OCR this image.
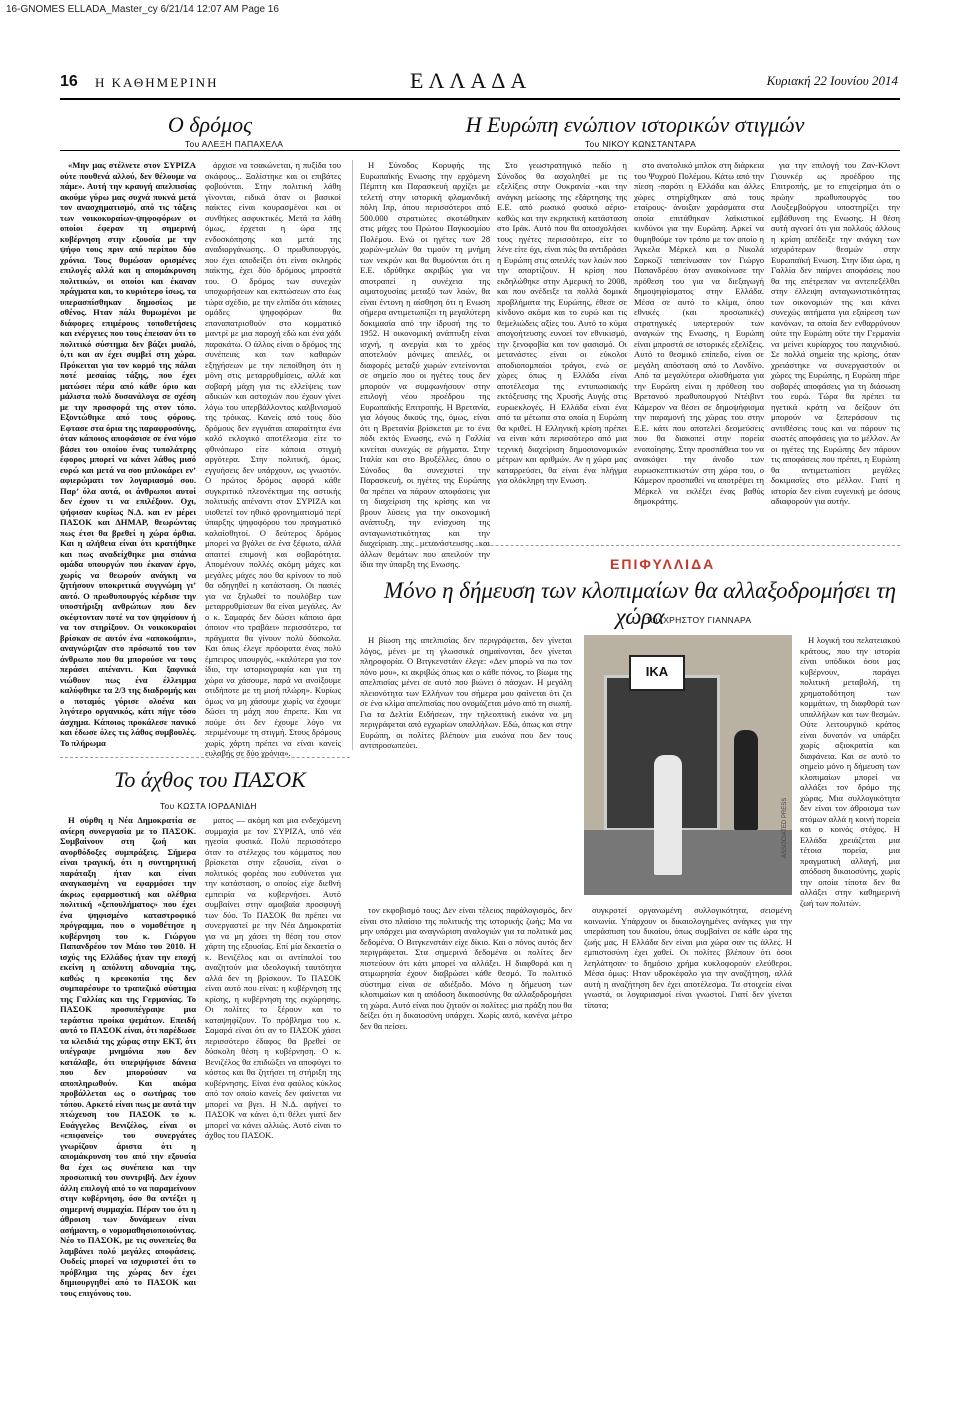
16-GNOMES ELLADA_Master_cy 6/21/14 12:07 AM Page 16
16 Η ΚΑΘΗΜΕΡΙΝΗ	ΕΛΛΑΔΑ	Κυριακή 22 Ιουνίου 2014
Ο δρόμος	Η Ευρώπη ενώπιον ιστορικών στιγμών
Του ΑΛΕΞΗ ΠΑΠΑΧΕΛΑ	Του ΝΙΚΟΥ ΚΩΝΣΤΑΝΤΑΡΑ

«Μην μας στέλνετε στον ΣΥΡΙΖΑ ούτε πουθενά αλλού, δεν θέλουμε να πάμε». Αυτή την κραυγή απελπισίας ακούμε γύρω μας συχνά πυκνά μετά τον ανασχηματισμό, από τις τάξεις των νοικοκυραίων-ψηφοφόρων οι οποίοι έφεραν τη σημερινή κυβέρνηση στην εξουσία με την ψήφο τους πριν από περίπου δύο χρόνια. Τους θυμώσαν ορισμένες επιλογές αλλά και η απομάκρυνση πολιτικών, οι οποίοι και έκαναν πράγματα και, το κυριότερο ίσως, τα υπερασπίσθηκαν δημοσίως με σθένος. Ηταν πάλι θυμωμένοι με διάφορες επιμέρους τοποθετήσεις και ενέργειες που τους έπεισαν ότι το πολιτικό σύστημα δεν βάζει μυαλό, ό,τι και αν έχει συμβεί στη χώρα. Πρόκειται για τον κορμό της πάλαι ποτέ μεσαίας τάξης, που έχει ματώσει πέρα από κάθε όριο και μάλιστα πολύ δυσανάλογα σε σχέση με την προσφορά της στον τόπο. Εξοντώθηκε από τους φόρους. Εφτασε στα όρια της παραφροσύνης, όταν κάποιος αποφάσισε σε ένα νόμο βάσει του οποίου ένας τυπολάτρης έφορος μπορεί να κάνει λάθος μισό ευρώ και μετά να σου μπλοκάρει εν’ αφιερώματι τον λογαριασμό σου. Παρ’ όλα αυτά, οι άνθρωποι αυτοί δεν έχουν τι να επιλέξουν. Οχι, ψήφισαν κυρίως Ν.Δ. και εν μέρει ΠΑΣΟΚ και ΔΗΜΑΡ, θεωρώντας πως έτσι θα βρεθεί η χώρα όρθια. Και η αλήθεια είναι ότι κρατήθηκε και πως αναδείχθηκε μια σπάνια ομάδα υπουργών που έκαναν έργο, χωρίς να θεωρούν ανάγκη να ζητήσουν υποκριτικά συγγνώμη γι’ αυτό. Ο πρωθυπουργός κέρδισε την υποστήριξη ανθρώπων που δεν σκέφτονταν ποτέ να τον ψηφίσουν ή να τον στηρίξουν. Οι νοικοκυραίοι βρίσκαν σε αυτόν ένα «αποκούμπι», αναγνώριζαν στο πρόσωπό του τον άνθρωπο που θα μπορούσε να τους περάσει απέναντι. Και ξαφνικά νιώθουν πως ένα έλλειμμα καλύφθηκε τα 2/3 της διαδρομής και ο ποταμός γύρισε ολοένα και λιγότερο οργανικός, κάτι πήγε τόσο άσχημα. Κάποιος προκάλεσε πανικό και έδωσε όλες τις λάθος συμβουλές. Το πλήρωμα

άρχισε να τσακώνεται, η πυξίδα του σκάφους... Ξαλίστηκε και οι επιβάτες φοβούνται. Στην πολιτική λάθη γίνονται, ειδικά όταν οι βασικοί παίκτες είναι κουρασμένοι και οι συνθήκες ασφυκτικές. Μετά τα λάθη όμως, έρχεται η ώρα της ενδοσκόπησης και μετά της αναδιοργάνωσης. Ο πρωθυπουργός, που έχει αποδείξει ότι είναι σκληρός παίκτης, έχει δύο δρόμους μπροστά του. Ο δρόμος των συνεχών υποχωρήσεων και εκπτώσεων στο έως τώρα σχέδιο, με την ελπίδα ότι κάποιες ομάδες ψηφοφόρων θα επαναπατρισθούν στο κομματικό μαντρί με μια παροχή εδώ και ένα χάδι παρακάτω. Ο άλλος είναι ο δρόμος της συνέπειας και των καθαρών εξηγήσεων με την πεποίθηση ότι η μόνη στις μεταρρυθμίσεις, αλλά και σοβαρή μάχη για τις ελλείψεις των αδικιών και αστοχιών που έχουν γίνει λόγω του υπερβάλλοντος καλβινισμού της τρόικας. Κανείς από τους δύο δρόμους δεν εγγυάται απαραίτητα ένα καλό εκλογικό αποτέλεσμα είτε το φθινόπωρο είτε κάποια στιγμή αργότερα. Στην πολιτική, όμως, εγγυήσεις δεν υπάρχουν, ως γνωστόν. Ο πρώτος δρόμος αφορά κάθε συγκριτικό πλεονέκτημα της αστικής πολιτικής απέναντι στον ΣΥΡΙΖΑ και υιοθετεί τον ηθικό φρονηματισμό περί ύπαρξης ψηφοφόρου του πραγματικό καλαίσθητοί. Ο δεύτερος δρόμος μπορεί να βγάλει σε ένα ξέφωτο, αλλά απαιτεί επιμονή και σοβαρότητα. Απομένουν πολλές ακόμη μάχες και μεγάλες μάχες που θα κρίνουν το πού θα οδηγηθεί η κατάσταση. Οι πασιές για να ξηλωθεί το πουλόβερ των μεταρρυθμίσεων θα είναι μεγάλες. Αν ο κ. Σαμαράς δεν δώσει κάποιο άρα όποιον «το τραβάει» περισσότερο, τα πράγματα θα γίνουν πολύ δύσκολα. Και όπως έλεγε πρόσφατα ένας πολύ έμπειρος υπουργός, «καλύτερα για τον ίδιο, την ιστοριογραφία και για τη χώρα να χάσουμε, παρά να ανοίξουμε οτιδήποτε με τη μισή πλώρη». Κυρίως όμως να μη χάσουμε χωρίς να έχουμε δώσει τη μάχη που έπρεπε. Και να πούμε ότι δεν έχουμε λόγο να περιμένουμε τη στιγμή. Στους δρόμους χωρίς χάρτη πρέπει να είναι κανείς ευλαβής σε δύο χρόνια».

Η Σύνοδος Κορυφής της Ευρωπαϊκής Ενωσης την ερχόμενη Πέμπτη και Παρασκευή αρχίζει με τελετή στην ιστορική φλαμανδική πόλη Ιπρ, όπου περισσότεροι από 500.000 στρατιώτες σκοτώθηκαν στις μάχες του Πρώτου Παγκοσμίου Πολέμου. Ενώ οι ηγέτες των 28 χωρών-μελών θα τιμούν τη μνήμη των νεκρών και θα θυμούνται ότι η Ε.Ε. ιδρύθηκε ακριβώς για να αποτραπεί η συνέχεια της αιματοχυσίας μεταξύ των λαών, θα είναι έντονη η αίσθηση ότι η Ενωση σήμερα αντιμετωπίζει τη μεγαλύτερη δοκιμασία από την ίδρυσή της το 1952. Η οικονομική ανάπτυξη είναι ισχνή, η ανεργία και το χρέος αποτελούν μόνιμες απειλές, οι διαφορές μεταξύ χωρών εντείνονται σε σημείο που οι ηγέτες τους δεν μπορούν να συμφωνήσουν στην επιλογή νέου προέδρου της Ευρωπαϊκής Επιτροπής. Η Βρετανία, για λόγους δικούς της, όμως, είναι ότι η Βρετανία βρίσκεται με το ένα πόδι εκτός Ενωσης, ενώ η Γαλλία κινείται συνεχώς σε ρήγματα. Στην Ιταλία και στο Βρυξέλλες, όπου ο Σύνοδος θα συνεχιστεί την Παρασκευή, οι ηγέτες της Ευρώπης θα πρέπει να πάρουν αποφάσεις για τη διαχείριση της κρίσης και να βρουν λύσεις για την οικονομική ανάπτυξη, την ενίσχυση της ανταγωνιστικότητας και την διαχείριση της μετανάστευσης και άλλων θεμάτων που απειλούν την ίδια την ύπαρξη της Ενωσης.

Στο γεωστρατηγικό πεδίο η Σύνοδος θα ασχοληθεί με τις εξελίξεις στην Ουκρανία -και την ανάγκη μείωσης της εξάρτησης της Ε.Ε. από ρωσικό φυσικό αέριο- καθώς και την εκρηκτική κατάσταση στο Ιράκ. Αυτό που θα αποσχολήσει τους ηγέτες περισσότερο, είτε το λένε είτε όχι, είναι πώς θα αντιδράσει η Ευρώπη στις απειλές των λαών που την απαρτίζουν. Η κρίση που εκδηλώθηκε στην Αμερική το 2008, και που ανέδειξε τα πολλά δομικά προβλήματα της Ευρώπης, έθεσε σε κίνδυνο ακόμα και το ευρώ και τις θεμελιώδεις αξίες του. Αυτό το κύμα απογοήτευσης ευνοεί τον εθνικισμό, την ξενοφοβία και τον φασισμό. Οι μετανάστες είναι οι εύκολοι αποδιοπομπαίοι τράγοι, ενώ σε χώρες όπως η Ελλάδα είναι αποτέλεσμα της εντυπωσιακής εκτόξευσης της Χρυσής Αυγής στις ευρωεκλογές. Η Ελλάδα είναι ένα από τα μέτωπα στα οποία η Ευρώπη θα κριθεί. Η Ελληνική κρίση πρέπει να είναι κάτι περισσότερο από μια τεχνική διαχείριση δημοσιονομικών μέτρων και αριθμών. Αν η χώρα μας καταρρεύσει, θα είναι ένα πλήγμα για ολόκληρη την Ενωση.

στο ανατολικό μπλοκ στη διάρκεια του Ψυχρού Πολέμου. Κάτω από την πίεση -παρότι η Ελλάδα και άλλες χώρες στηρίχθηκαν από τους εταίρους- άνοιξαν χαράσματα στα οποία επιτάθηκαν λαϊκιστικοί κινδύνοι για την Ευρώπη. Αρκεί να θυμηθούμε τον τρόπο με τον οποίο η Άγκελα Μέρκελ και ο Νικολά Σαρκοζί ταπείνωσαν τον Γιώργο Παπανδρέου όταν ανακοίνωσε την πρόθεση του για να διεξαγωγή δημοψηφίσματος στην Ελλάδα. Μέσα σε αυτό το κλίμα, όπου εθνικές (και προσωπικές) στρατηγικές υπερτερούν των αναγκών της Ενωσης, η Ευρώπη είναι μπροστά σε ιστορικές εξελίξεις. Αυτό το θεσμικό επίπεδο, είναι σε μεγάλη απόσταση από το Λονδίνο. Από τα μεγαλύτερα ολισθήματα για την Ευρώπη είναι η πρόθεση του Βρετανού πρωθυπουργού Ντέιβιντ Κάμερον να θέσει σε δημοψήφισμα την παραμονή της χώρας του στην Ε.Ε. κάτι που αποτελεί δεσμεύσεις που θα διακοπεί στην πορεία ενοποίησης. Στην προσπάθεια του να ανακόψει την άνοδο των ευρωσκεπτικιστών στη χώρα του, ο Κάμερον προσπαθεί να αποτρέψει τη Μέρκελ να εκλέξει ένας βαθύς δημοκράτης.

για την επιλογή του Ζαν-Κλοντ Γιουνκέρ ως προέδρου της Επιτροπής, με το επιχείρημα ότι ο πρώην πρωθυπουργός του Λουξεμβούργου υποστηρίζει την εμβάθυνση της Ενωσης. Η θέση αυτή αγνοεί ότι για πολλούς άλλους η κρίση απέδειξε την ανάγκη των ισχυρότερων θεσμών στην Ευρωπαϊκή Ενωση. Στην ίδια ώρα, η Γαλλία δεν παίρνει αποφάσεις που θα της επέτρεπαν να αντεπεξέλθει στην έλλειψη ανταγωνιστικότητας των οικονομιών της και κάνει συνεχώς αιτήματα για εξαίρεση των κανόνων, τα οποία δεν ενθαρρύνουν ούτε την Ευρώπη ούτε την Γερμανία να μείνει κυρίαρχος του παιχνιδιού. Σε πολλά σημεία της κρίσης, όταν χρειάστηκε να συνεργαστούν οι χώρες της Ευρώπης, η Ευρώπη πήρε σοβαρές αποφάσεις για τη διάσωση του ευρώ. Τώρα θα πρέπει τα ηγετικά κράτη να δείξουν ότι μπορούν να ξεπεράσουν τις αντιθέσεις τους και να πάρουν τις σωστές αποφάσεις για το μέλλον. Αν οι ηγέτες της Ευρώπης δεν πάρουν τις αποφάσεις που πρέπει, η Ευρώπη θα αντιμετωπίσει μεγάλες δοκιμασίες στο μέλλον. Γιατί η ιστορία δεν είναι ευγενική με όσους αδιαφορούν για αυτήν.

ΕΠΙΦΥΛΛΙΔΑ
Μόνο η δήμευση των κλοπιμαίων θα αλλαξοδρομήσει τη χώρα
Του ΧΡΗΣΤΟΥ ΓΙΑΝΝΑΡΑ
Το άχθος του ΠΑΣΟΚ
Του ΚΩΣΤΑ ΙΟΡΔΑΝΙΔΗ

Η σύρθη η Νέα Δημοκρατία σε ανίερη συνεργασία με το ΠΑΣΟΚ. Συμβαίνουν στη ζωή και ανορθόδοξες συμπράξεις. Σήμερα είναι τραγική, ότι η συντηρητική παράταξη ήταν και είναι αναγκασμένη να εφαρμόσει την άκρως εφαρμοστική και ολέθρια πολιτική «ξεπουλήματος» που έχει ένα ψηφισμένο καταστροφικό πρόγραμμα, που ο νομοθέτησε η κυβέρνηση του κ. Γιώργου Παπανδρέου τον Μάιο του 2010. Η ισχύς της Ελλάδος ήταν την εποχή εκείνη η απόλυτη αδυναμία της, καθώς η κρεοκοπία της δεν συμπαρέσυρε το τραπεζικό σύστημα της Γαλλίας και της Γερμανίας. Το ΠΑΣΟΚ προσυπέγραψε μια τεράστια προίκα ψεμάτων. Επειδή αυτό το ΠΑΣΟΚ είναι, ότι παρέδωσε τα κλειδιά της χώρας στην ΕΚΤ, ότι υπέγραψε μνημόνια που δεν κατάλαβε, ότι υπερψήφισε δάνεια που δεν μπορούσαν να αποπληρωθούν. Και ακόμα προβάλλεται ως ο σωτήρας του τόπου. Αρκετό είναι πως με αυτά την πτώχευση του ΠΑΣΟΚ το κ. Ευάγγελος Βενιζέλος, είναι οι «επιφανείς» του συνεργάτες γνωρίζουν άριστα ότι η απομάκρυνση του από την εξουσία θα έχει ως συνέπεια και την προσωπική του συντριβή. Δεν έχουν άλλη επιλογή από το να παραμείνουν στην κυβέρνηση, όσο θα αντέξει η σημερινή συμμαχία. Πέραν του ότι η άθροιση των δυνάμεων είναι ασήμαντη, ο νομομαθησιοποιούντας. Νέο το ΠΑΣΟΚ, με τις συνεπείες θα λαμβάνει πολύ μεγάλες αποφάσεις. Ουδείς μπορεί να ισχυριστεί ότι το πρόβλημα της χώρας δεν έχει δημιουργηθεί από το ΠΑΣΟΚ και τους επιγόνους του.

ματος — ακόμη και μια ενδεχόμενη συμμαχία με τον ΣΥΡΙΖΑ, υπό νέα ηγεσία φυσικά. Πολύ περισσότερο όταν το στέλεχος του κόμματος που βρίσκεται στην εξουσία, είναι ο πολιτικός φορέας που ευθύνεται για την κατάσταση, ο οποίος είχε διεθνή εμπειρία να κυβερνήσει. Αυτό συμβαίνει στην αμοιβαία προσφυγή των δύο. Το ΠΑΣΟΚ θα πρέπει να συνεργαστεί με την Νέα Δημοκρατία για να μη χάσει τη θέση του στον χάρτη της εξουσίας. Επί μία δεκαετία ο κ. Βενιζέλος και οι αντίπαλοί του αναζητούν μια ιδεολογική ταυτότητα αλλά δεν τη βρίσκουν. Το ΠΑΣΟΚ είναι αυτό που είναι: η κυβέρνηση της κρίσης, η κυβέρνηση της εκχώρησης. Οι πολίτες το ξέρουν και το καταψηφίζουν. Το πρόβλημα του κ. Σαμαρά είναι ότι αν το ΠΑΣΟΚ χάσει περισσότερο έδαφος θα βρεθεί σε δύσκολη θέση η κυβέρνηση. Ο κ. Βενιζέλος θα επιδιώξει να αποφύγει το κόστος και θα ζητήσει τη στήριξη της κυβέρνησης. Είναι ένα φαύλος κύκλος από τον οποίο κανείς δεν φαίνεται να μπορεί να βγει. Η Ν.Δ. αφήνει το ΠΑΣΟΚ να κάνει ό,τι θέλει γιατί δεν μπορεί να κάνει αλλιώς. Αυτό είναι το άχθος του ΠΑΣΟΚ.

Η βίωση της απελπισίας δεν περιγράφεται, δεν γίνεται λόγος, μένει με τη γλωσσικά σημαίνονται, δεν γίνεται πληροφορία. Ο Βιτγκενστάιν έλεγε: «Δεν μπορώ να πω τον πόνο μου», κι ακριβώς όπως και ο κάθε πόνος, το βίωμα της απελπισίας μένει σε αυτό που βιώνει ό πάσχων. Η μεγάλη πλειονότητα των Ελλήνων του σήμερα μου φαίνεται ότι ζει σε ένα κλίμα απελπισίας που ονομάζεται μόνο από τη σιωπή. Για τα Δελτία Ειδήσεων, την τηλεοπτική εικόνα να μη περιγράφεται από εγχωρίων υπαλλήλων. Εδώ, όπως και στην Ευρώπη, οι πολίτες βλέπουν μια εικόνα που δεν τους αντιπροσωπεύει.

ΙΚΑ
ASSOCIATED PRESS

τον εκφοβισμό τους; Δεν είναι τέλειος παράλογισμός, δεν είναι στο πλαίσιο της πολιτικής της ιστορικής ζωής; Μα να μην υπάρχει μια αναγνώριση αναλογιών για τα πολιτικά μας δεδομένα. Ο Βιτγκενστάιν είχε δίκιο. Και ο πόνος αυτός δεν περιγράφεται. Στα σημερινά δεδομένα οι πολίτες δεν πιστεύουν ότι κάτι μπορεί να αλλάξει. Η διαφθορά και η ατιμωρησία έχουν διαβρώσει κάθε θεσμό. Το πολιτικό σύστημα είναι σε αδιέξοδο. Μόνο η δήμευση των κλοπιμαίων και η απόδοση δικαιοσύνης θα αλλαξοδρομήσει τη χώρα. Αυτό είναι που ζητούν οι πολίτες: μια πράξη που θα δείξει ότι η δικαιοσύνη υπάρχει. Χωρίς αυτό, κανένα μέτρο δεν θα πείσει.

συγκροτεί οργανωμένη συλλογικότητα, σεισμένη κοινωνία. Υπάρχουν οι δικαιολογημένες ανάγκες για την υπεράσπιση του δικαίου, όπως συμβαίνει σε κάθε ώρα της ζωής μας. Η Ελλάδα δεν είναι μια χώρα σαν τις άλλες. Η εμπιστοσύνη έχει χαθεί. Οι πολίτες βλέπουν ότι όσοι λεηλάτησαν το δημόσιο χρήμα κυκλοφορούν ελεύθεροι. Μέσα όμως: Ηταν υδροκέφαλο για την αναζήτηση, αλλά αυτή η αναζήτηση δεν έχει αποτέλεσμα. Τα στοιχεία είναι γνωστά, οι λογαριασμοί είναι γνωστοί. Γιατί δεν γίνεται τίποτα;

Η λογική του πελατειακού κράτους, που την ιστορία είναι υπόδικοι όσοι μας κυβέρνουν, παράγει πολιτική μεταβολή, τη χρηματοδότηση των κομμάτων, τη διαφθορά των υπαλλήλων και των θεσμών. Ούτε λειτουργικό κράτος είναι δυνατόν να υπάρξει χωρίς αξιοκρατία και διαφάνεια. Και σε αυτό το σημείο μόνο η δήμευση των κλοπιμαίων μπορεί να αλλάξει τον δρόμο της χώρας. Μια συλλογικότητα δεν είναι τον άθροισμα των ατόμων αλλά η κοινή πορεία και ο κοινός στόχος. Η Ελλάδα χρειάζεται μια τέτοια πορεία, μια πραγματική αλλαγή, μια απόδοση δικαιοσύνης, χωρίς την οποία τίποτα δεν θα αλλάξει στην καθημερινή ζωή των πολιτών.
